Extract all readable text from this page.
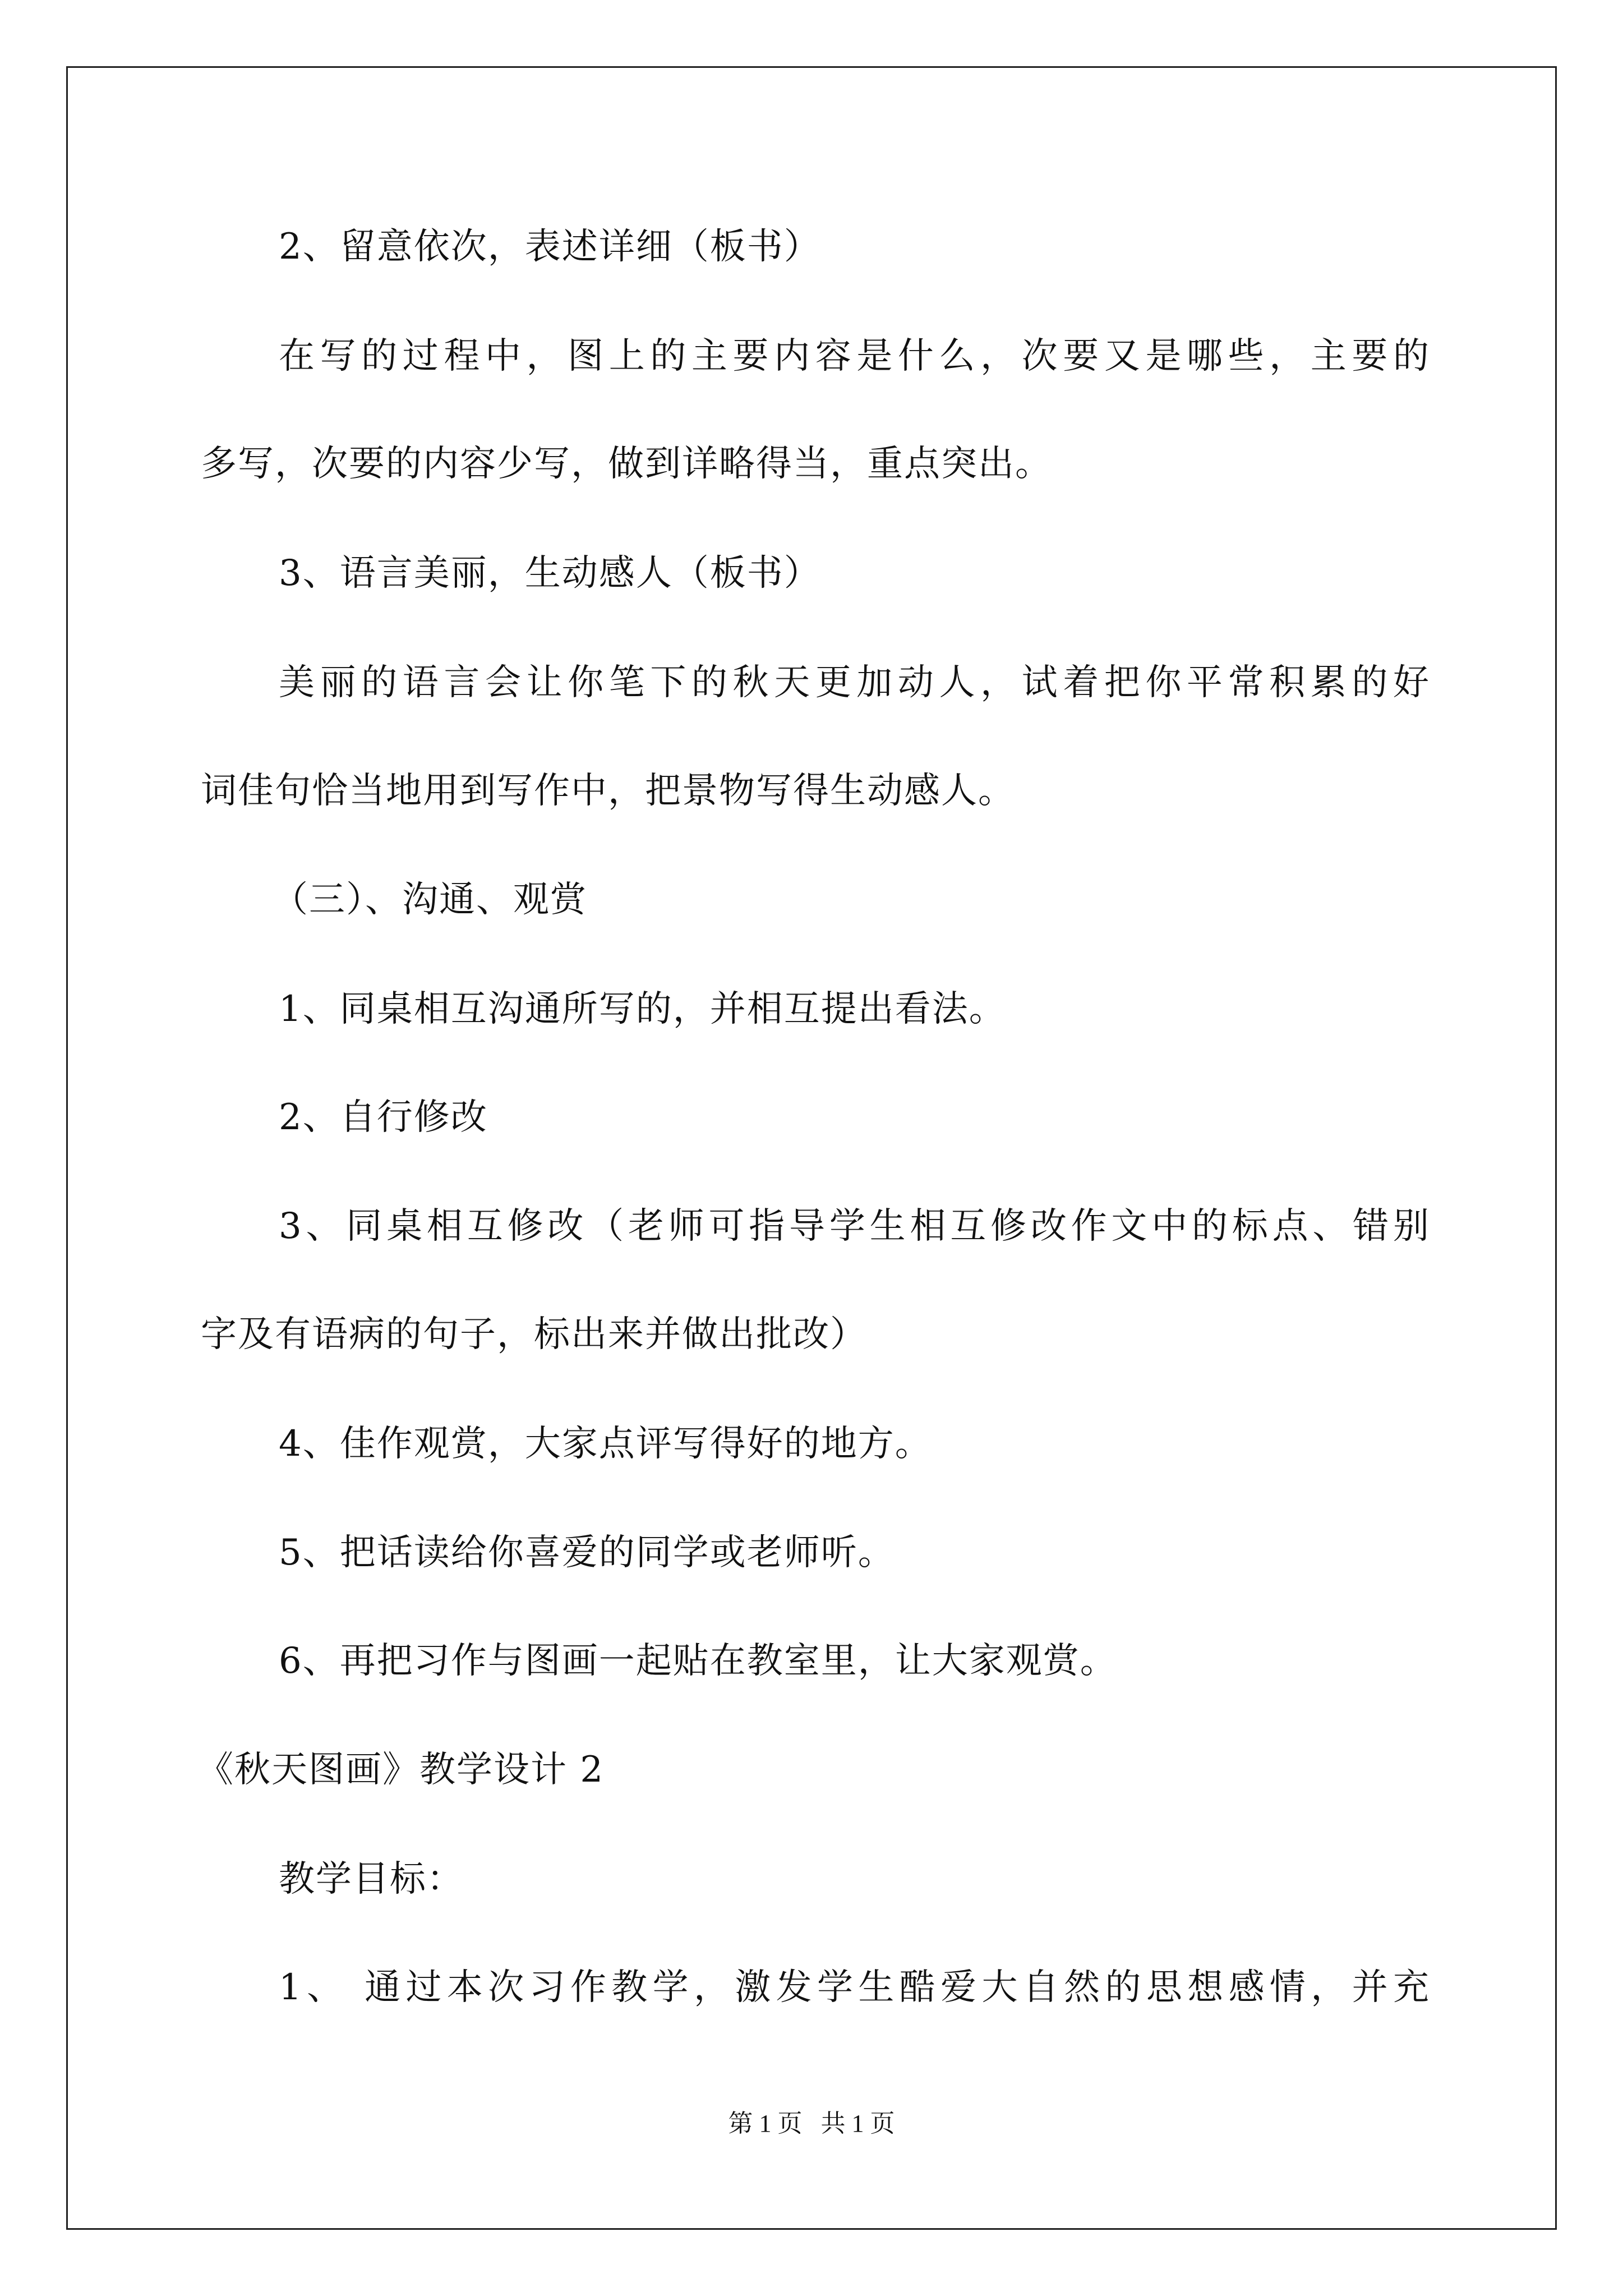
2、留意依次，表述详细（板书）
在写的过程中，图上的主要内容是什么，次要又是哪些，主要的
多写，次要的内容少写，做到详略得当，重点突出。
3、语言美丽，生动感人（板书）
美丽的语言会让你笔下的秋天更加动人，试着把你平常积累的好
词佳句恰当地用到写作中，把景物写得生动感人。
（三）、沟通、观赏
1、同桌相互沟通所写的，并相互提出看法。
2、自行修改
3、同桌相互修改（老师可指导学生相互修改作文中的标点、错别
字及有语病的句子，标出来并做出批改）
4、佳作观赏，大家点评写得好的地方。
5、把话读给你喜爱的同学或老师听。
6、再把习作与图画一起贴在教室里，让大家观赏。
《秋天图画》教学设计 2
教学目标：
1、 通过本次习作教学，激发学生酷爱大自然的思想感情，并充
第 1 页   共 1 页
